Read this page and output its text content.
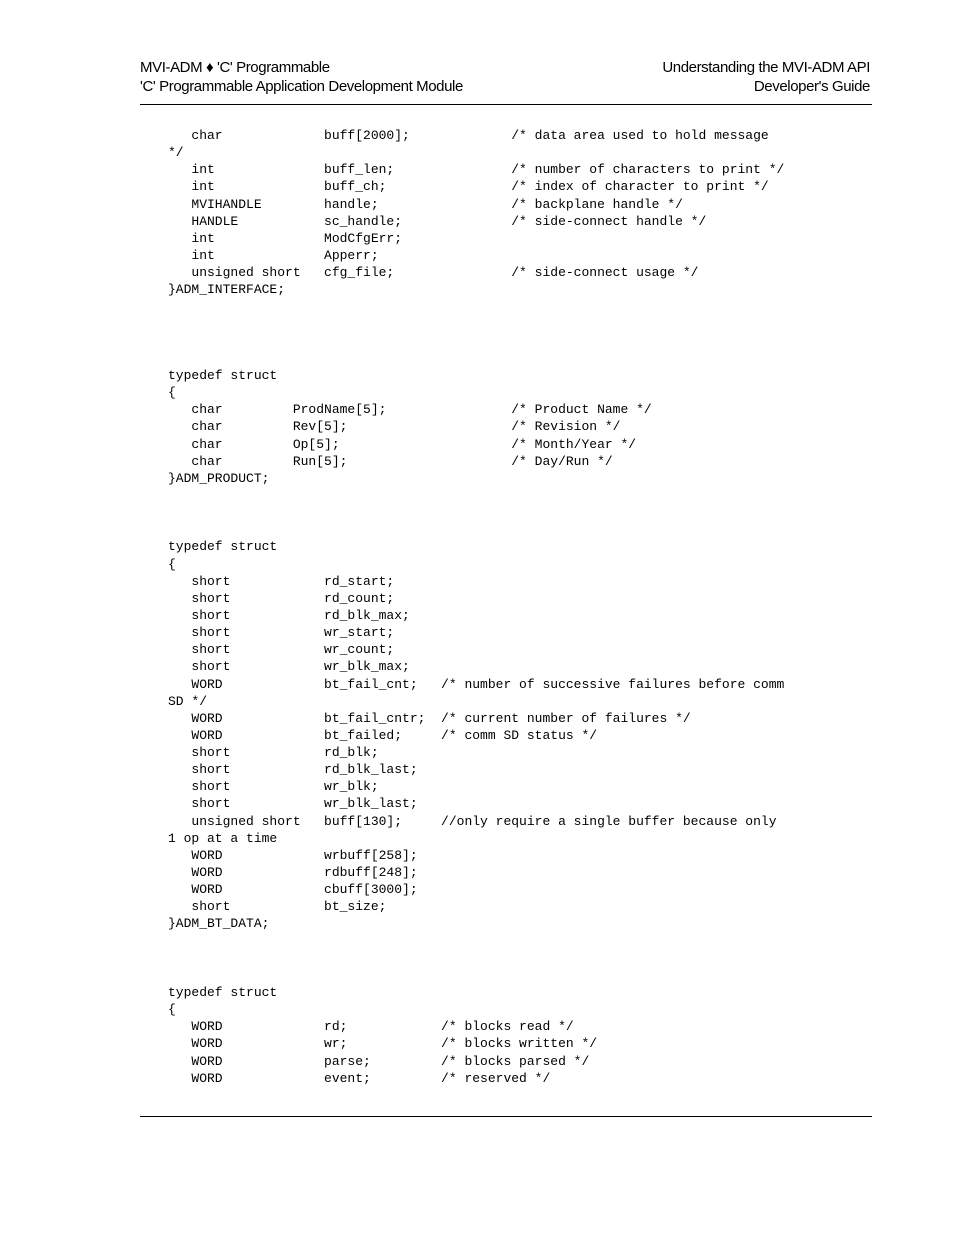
MVI-ADM ♦ 'C' Programmable
'C' Programmable Application Development Module
Understanding the MVI-ADM API
Developer's Guide
char             buff[2000];             /* data area used to hold message
*/
int              buff_len;               /* number of characters to print */
int              buff_ch;                /* index of character to print */
MVIHANDLE        handle;                 /* backplane handle */
HANDLE           sc_handle;              /* side-connect handle */
int              ModCfgErr;
int              Apperr;
unsigned short   cfg_file;               /* side-connect usage */
}ADM_INTERFACE;
typedef struct
{
char         ProdName[5];                /* Product Name */
char         Rev[5];                     /* Revision */
char         Op[5];                      /* Month/Year */
char         Run[5];                     /* Day/Run */
}ADM_PRODUCT;
typedef struct
{
short            rd_start;
short            rd_count;
short            rd_blk_max;
short            wr_start;
short            wr_count;
short            wr_blk_max;
WORD             bt_fail_cnt;   /* number of successive failures before comm
SD */
WORD             bt_fail_cntr;  /* current number of failures */
WORD             bt_failed;     /* comm SD status */
short            rd_blk;
short            rd_blk_last;
short            wr_blk;
short            wr_blk_last;
unsigned short   buff[130];     //only require a single buffer because only
1 op at a time
WORD             wrbuff[258];
WORD             rdbuff[248];
WORD             cbuff[3000];
short            bt_size;
}ADM_BT_DATA;
typedef struct
{
WORD             rd;            /* blocks read */
WORD             wr;            /* blocks written */
WORD             parse;         /* blocks parsed */
WORD             event;         /* reserved */
